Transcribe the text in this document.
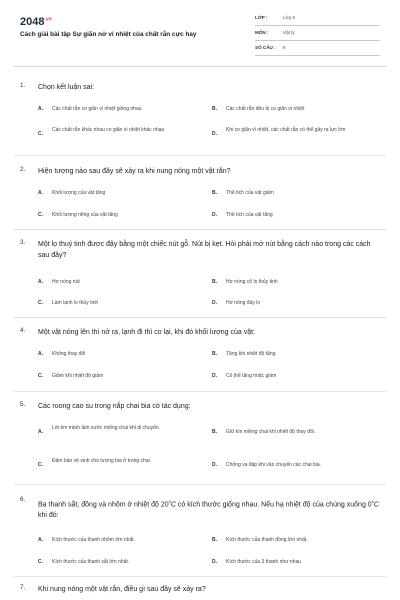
$2048^{.vn}$
Cách giải bài tập Sự giãn nở vì nhiệt của chất rắn cực hay
LỚP :	Lớp 8
MÔN :	Vật lý
SỐ CÂU : 8
1. Chọn kết luận sai:
A. Các chất rắn co giãn vì nhiệt giống nhau	B. Các chất rắn đều bị co giãn vì nhiệt
C.
Các chất rắn khác nhau co giãn vì nhiệt khác nhau
D.
Khi co giãn vì nhiệt, các chất rắn có thể gây ra lực lớn
2. Hiện tượng nào sau đây sẽ xảy ra khi nung nóng một vật rắn?
A. Khối lượng của vật tăng	B. Thể tích của vật giảm
C. Khối lượng riêng của vật tăng	D. Thể tích của vật tăng
3. Một lọ thuỷ tinh được đậy bằng một chiếc nút gỗ. Nút bị kẹt. Hỏi phải mở nút bằng cách nào trong các cách sau đây?
A. Hơ nóng nút	B. Hơ nóng cổ lọ thủy tinh
C. Làm lạnh lọ thủy tinh	D. Hơ nóng đáy lọ
4. Một vật nóng lên thì nở ra, lạnh đi thì co lại, khi đó khối lượng của vật:
A. Không thay đổi	B. Tăng khi nhiệt độ tăng
C. Giảm khi nhiệt độ giảm	D. Có thể tăng hoặc giảm
5. Các roong cao su trong nắp chai bia có tác dụng:
A.
Lót êm tránh làm xước miệng chai khi di chuyển.
B. Giữ kín miệng chai khi nhiệt độ thay đổi.
C.
Đảm bảo vệ sinh cho lượng bia ở trong chai.
D. Chống va đập khi vận chuyển các chai bia.
6.
Ba thanh sắt, đồng và nhôm ở nhiệt độ $20^0C$ có kích thước giống nhau. Nếu hạ nhiệt độ của chúng xuống $0^0C$ khi đó:
A. Kích thước của thanh nhôm lớn nhất.	B. Kích thước của thanh đồng lớn nhất.
C. Kích thước của thanh sắt lớn nhất.	D. Kích thước của 3 thanh như nhau
7. Khi nung nóng một vật rắn, điều gì sau đây sẽ xảy ra?
